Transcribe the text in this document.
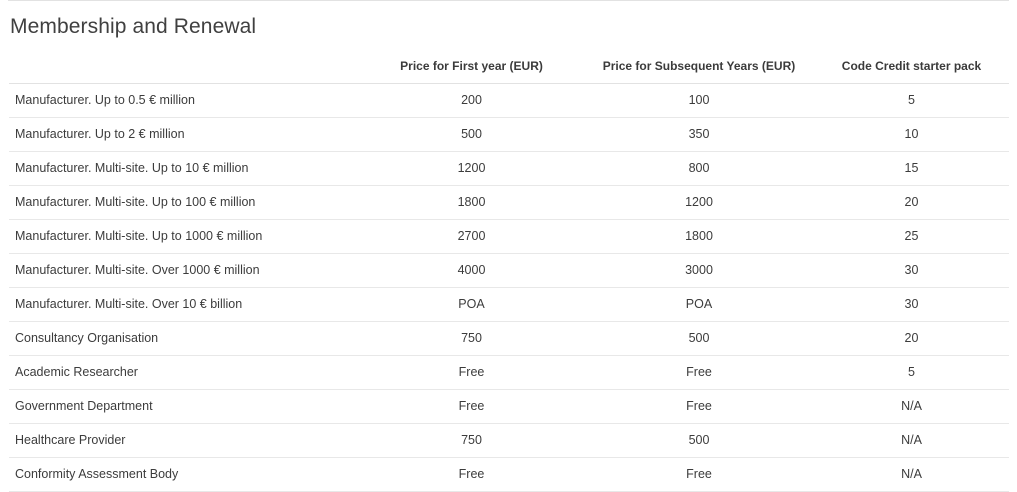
Membership and Renewal
	Price for First year (EUR)	Price for Subsequent Years (EUR)	Code Credit starter pack
Manufacturer. Up to 0.5 € million	200	100	5
Manufacturer. Up to 2 € million	500	350	10
Manufacturer. Multi-site. Up to 10 € million	1200	800	15
Manufacturer. Multi-site. Up to 100 € million	1800	1200	20
Manufacturer. Multi-site. Up to 1000 € million	2700	1800	25
Manufacturer. Multi-site. Over 1000 € million	4000	3000	30
Manufacturer. Multi-site. Over 10 € billion	POA	POA	30
Consultancy Organisation	750	500	20
Academic Researcher	Free	Free	5
Government Department	Free	Free	N/A
Healthcare Provider	750	500	N/A
Conformity Assessment Body	Free	Free	N/A
